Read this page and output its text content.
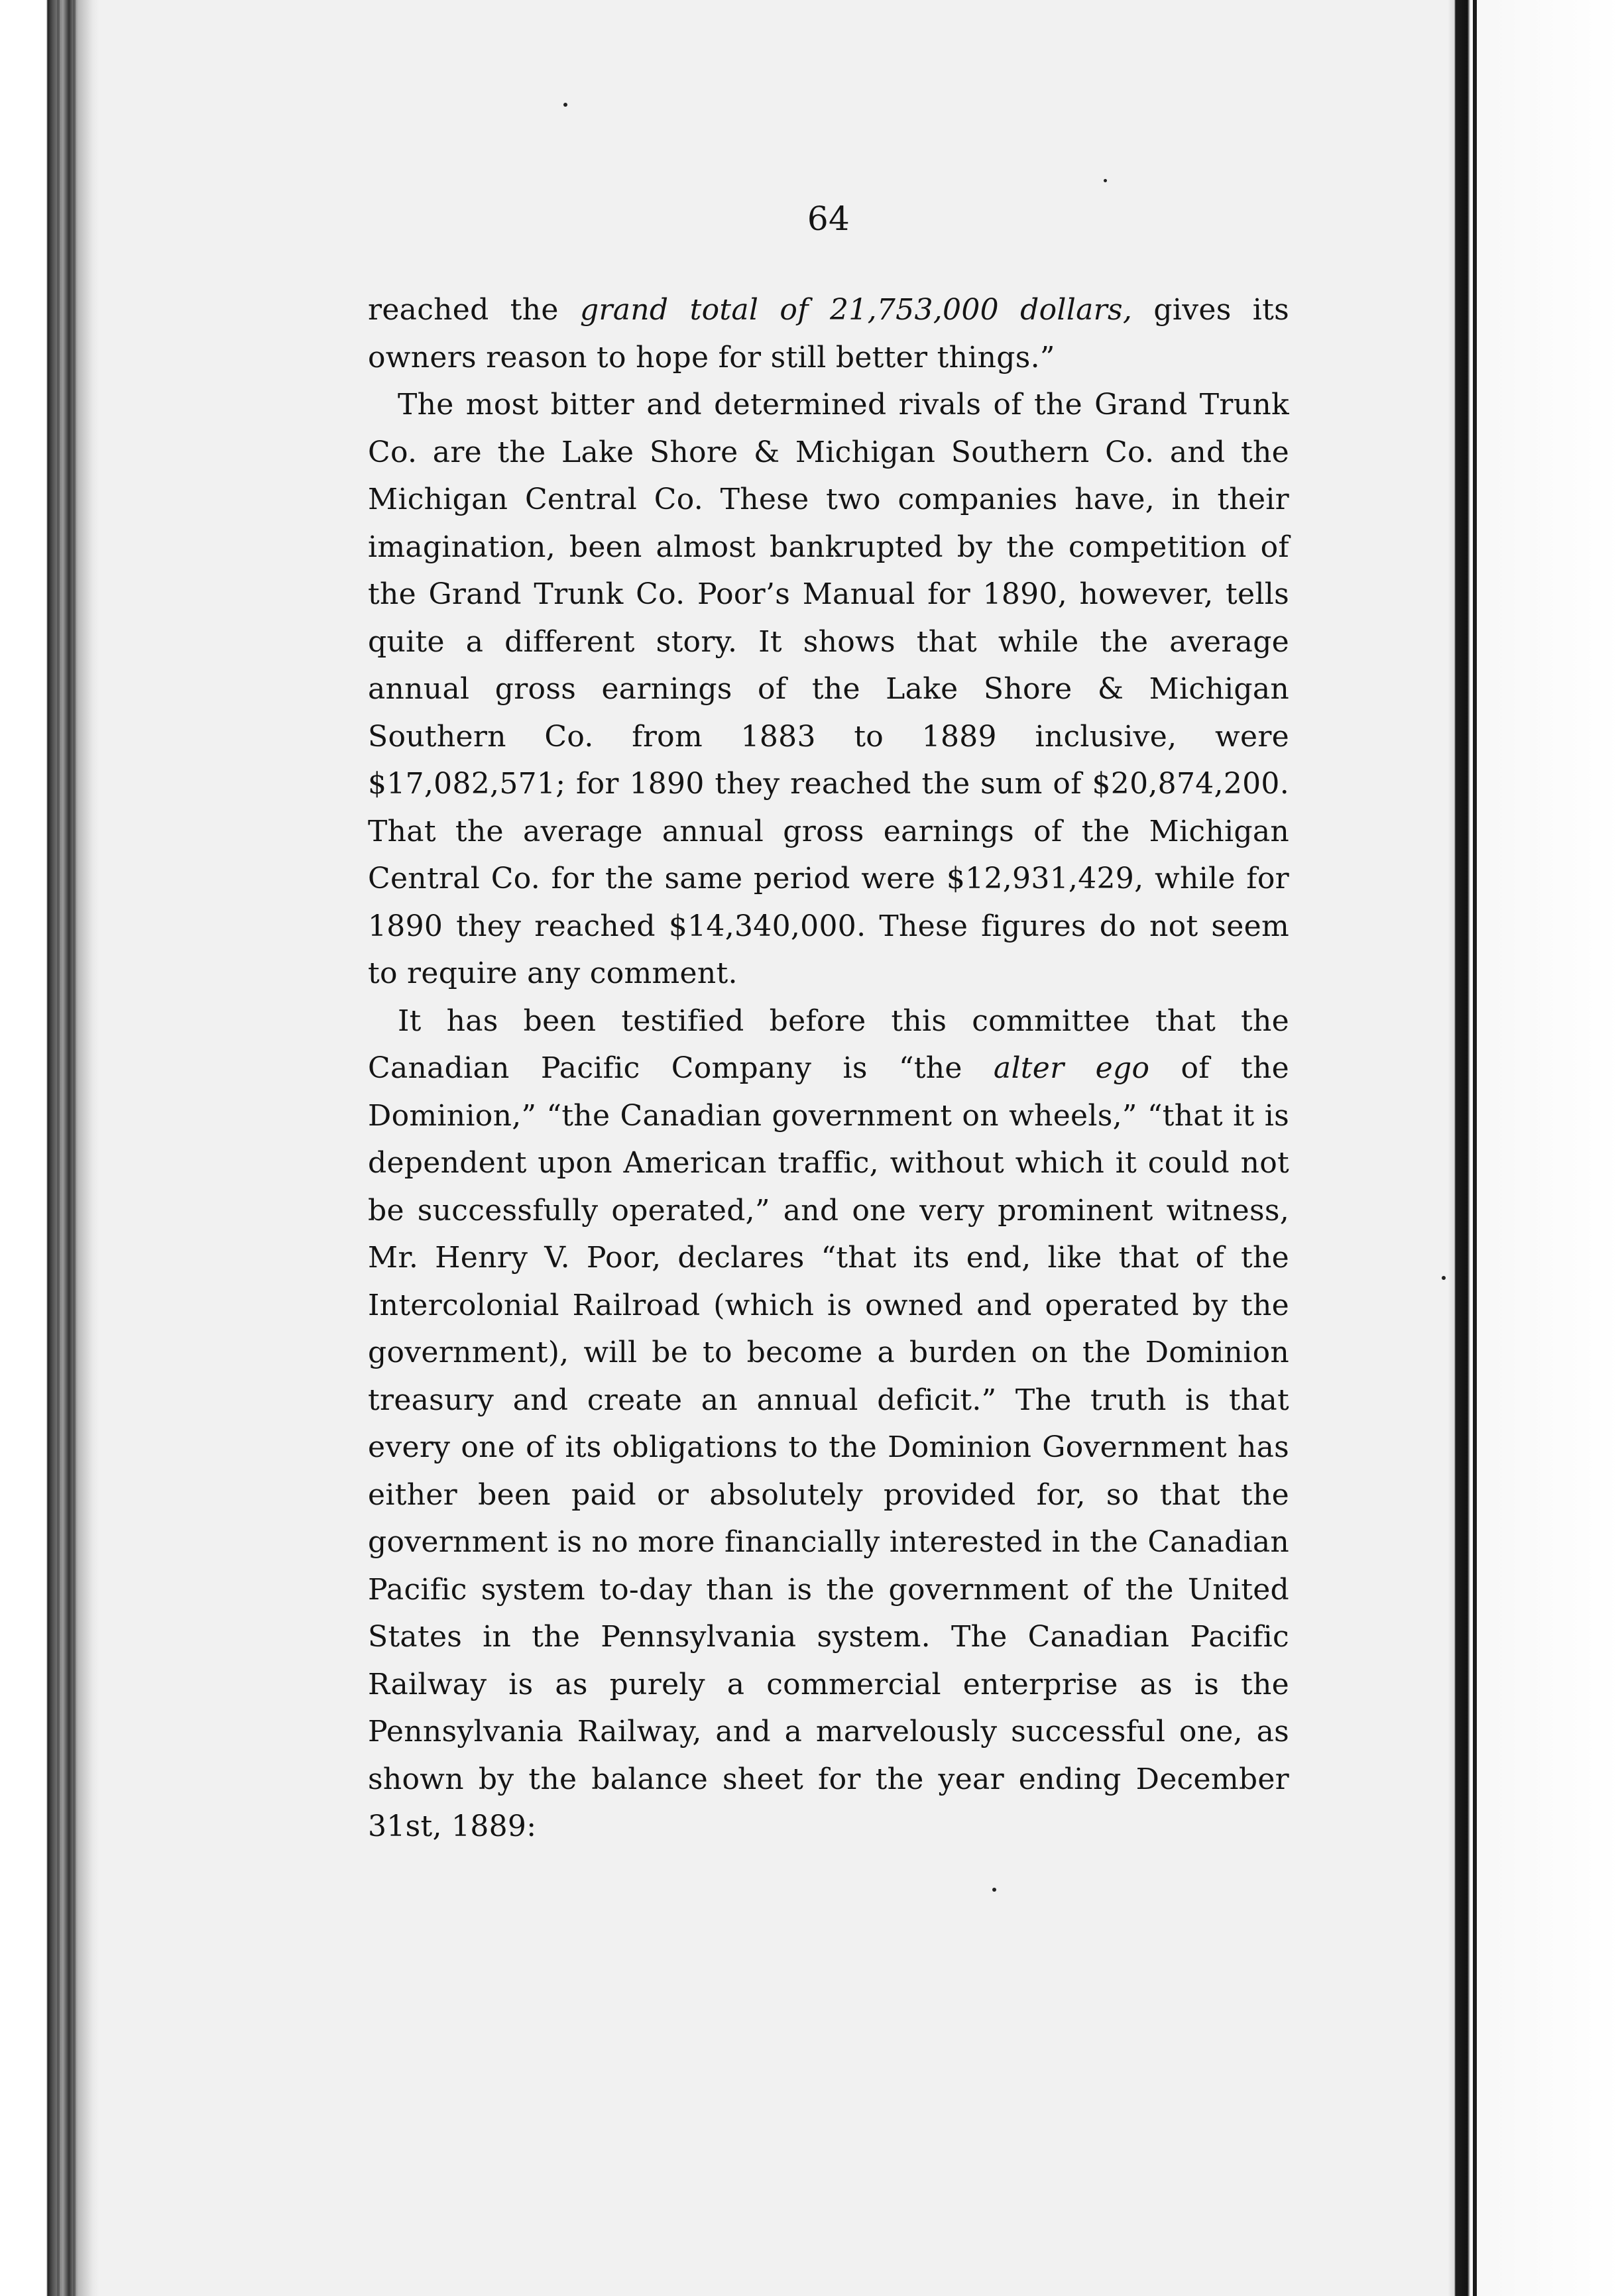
64

reached the grand total of 21,753,000 dollars, gives its owners reason to hope for still better things.”

The most bitter and determined rivals of the Grand Trunk Co. are the Lake Shore & Michigan Southern Co. and the Michigan Central Co. These two companies have, in their imagination, been almost bankrupted by the competition of the Grand Trunk Co. Poor’s Manual for 1890, however, tells quite a different story. It shows that while the average annual gross earnings of the Lake Shore & Michigan Southern Co. from 1883 to 1889 inclusive, were $17,082,571; for 1890 they reached the sum of $20,874,200. That the average annual gross earnings of the Michigan Central Co. for the same period were $12,931,429, while for 1890 they reached $14,340,000. These figures do not seem to require any comment.

It has been testified before this committee that the Canadian Pacific Company is “the alter ego of the Dominion,” “the Canadian government on wheels,” “that it is dependent upon American traffic, without which it could not be successfully operated,” and one very prominent witness, Mr. Henry V. Poor, declares “that its end, like that of the Intercolonial Railroad (which is owned and operated by the government), will be to become a burden on the Dominion treasury and create an annual deficit.” The truth is that every one of its obligations to the Dominion Government has either been paid or absolutely provided for, so that the government is no more financially interested in the Canadian Pacific system to-day than is the government of the United States in the Pennsylvania system. The Canadian Pacific Railway is as purely a commercial enterprise as is the Pennsylvania Railway, and a marvelously successful one, as shown by the balance sheet for the year ending December 31st, 1889:
